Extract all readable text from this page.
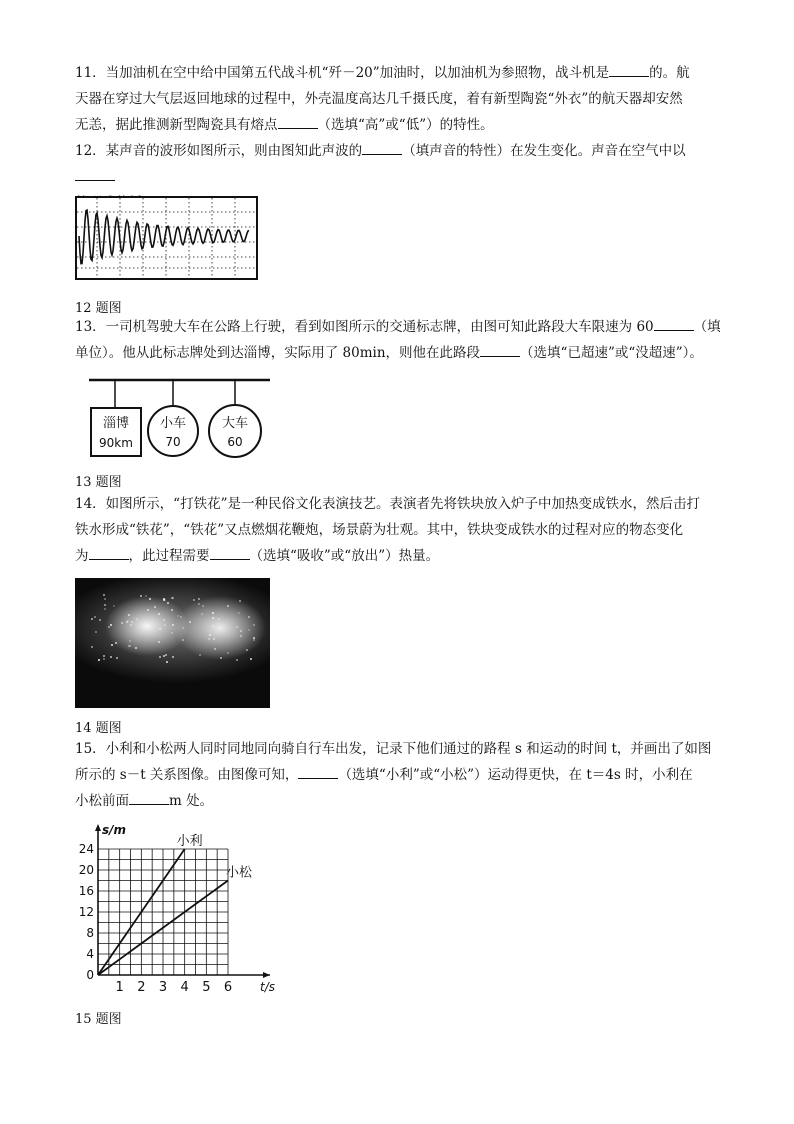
11．当加油机在空中给中国第五代战斗机“歼－20”加油时，以加油机为参照物，战斗机是	的。航
天器在穿过大气层返回地球的过程中，外壳温度高达几千摄氏度，着有新型陶瓷“外衣”的航天器却安然
无恙，据此推测新型陶瓷具有熔点	（选填“高”或“低”）的特性。
12．某声音的波形如图所示，则由图知此声波的	（填声音的特性）在发生变化。声音在空气中以
12 题图
13．一司机驾驶大车在公路上行驶，看到如图所示的交通标志牌，由图可知此路段大车限速为 60	（填
单位）。他从此标志牌处到达淄博，实际用了 80min，则他在此路段	（选填“已超速”或“没超速”）。
淄博
90km
小车
70
大车
60
13 题图
14．如图所示，“打铁花”是一种民俗文化表演技艺。表演者先将铁块放入炉子中加热变成铁水，然后击打
铁水形成“铁花”，“铁花”又点燃烟花鞭炮，场景蔚为壮观。其中，铁块变成铁水的过程对应的物态变化
为	，此过程需要	（选填“吸收”或“放出”）热量。
14 题图
15．小利和小松两人同时同地同向骑自行车出发，记录下他们通过的路程 s 和运动的时间 t，并画出了如图
所示的 s－t 关系图像。由图像可知，	（选填“小利”或“小松”）运动得更快，在 t＝4s 时，小利在
小松前面	m 处。
1 2 3 4 5 6
0
4
8
12
16
20
24
t/s
s/m
小利
小松
15 题图
